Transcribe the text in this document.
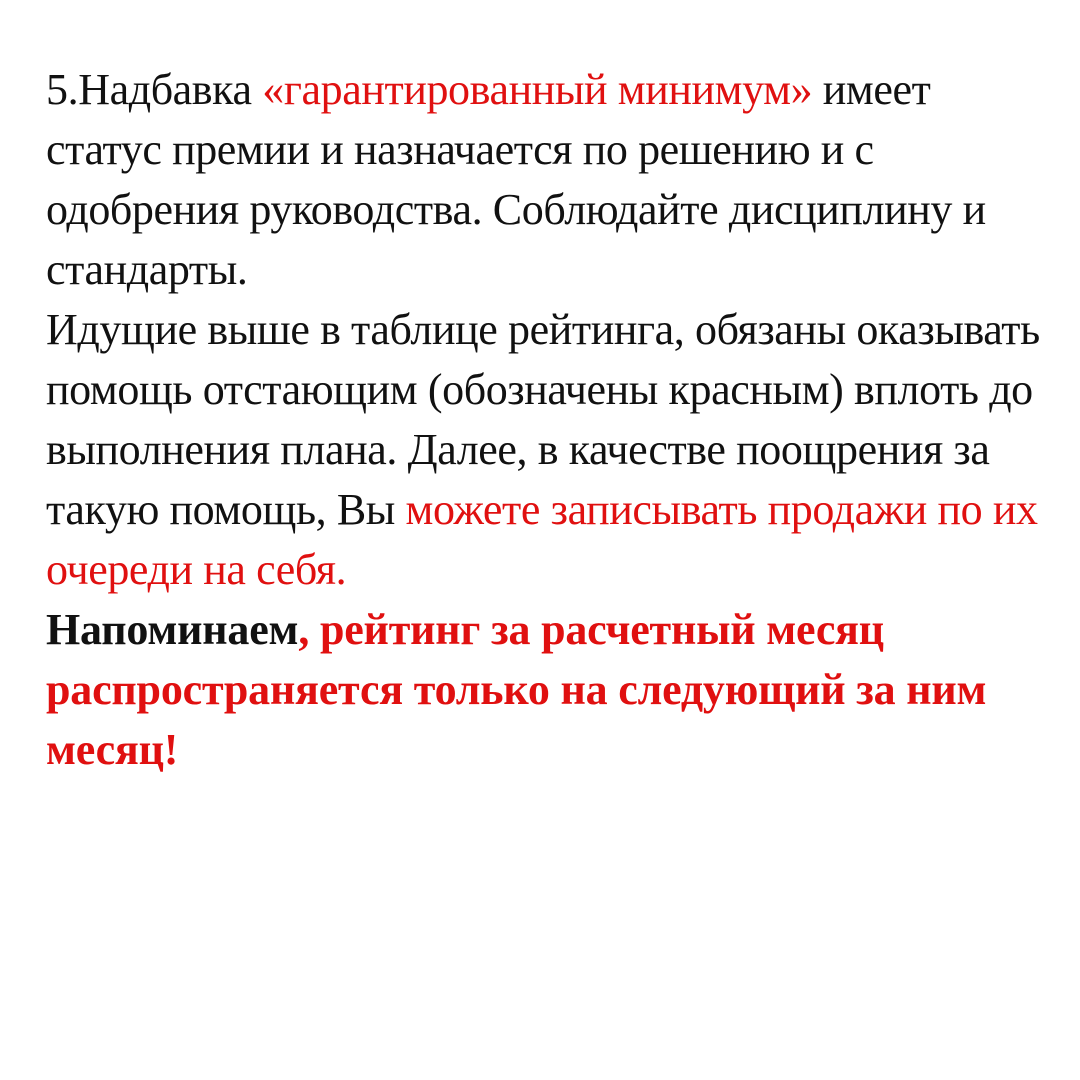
5.Надбавка «гарантированный минимум» имеет статус премии и назначается по решению и с одобрения руководства. Соблюдайте дисциплину и стандарты.

Идущие выше в таблице рейтинга, обязаны оказывать помощь отстающим (обозначены красным) вплоть до выполнения плана. Далее, в качестве поощрения за такую помощь, Вы можете записывать продажи по их очереди на себя.

Напоминаем, рейтинг за расчетный месяц распространяется только на следующий за ним месяц!
